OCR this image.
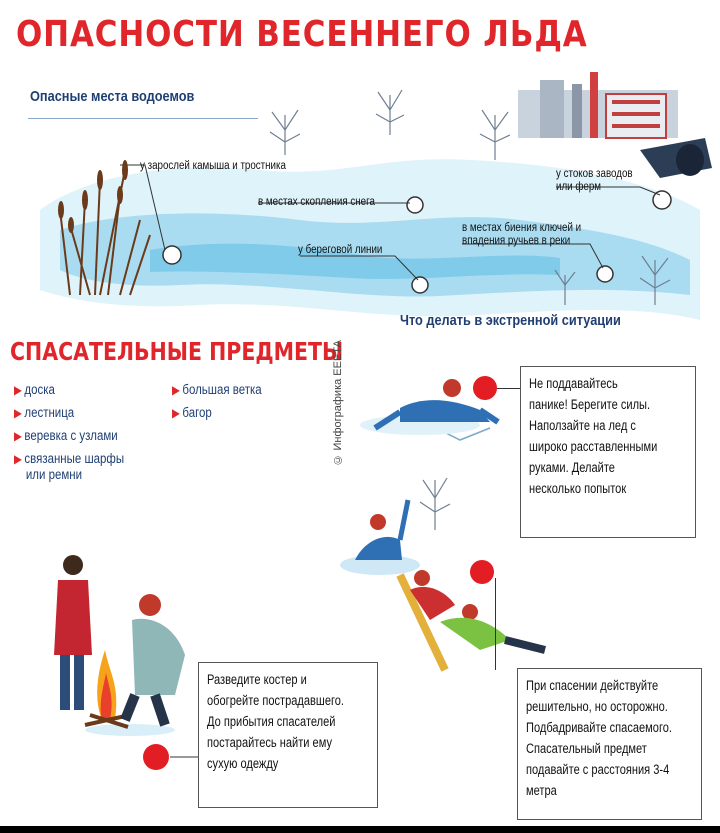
ОПАСНОСТИ ВЕСЕННЕГО ЛЬДА
Опасные места водоемов
у зарослей камыша и тростника
в местах скопления снега
у береговой линии
в местах биения ключей и впадения ручьев в реки
у стоков заводов или ферм
СПАСАТЕЛЬНЫЕ ПРЕДМЕТЫ
▶ доска
▶ лестница
▶ веревка с узлами
▶ связанные шарфы
или ремни
▶ большая ветка
▶ багор	© Инфографика ЕЕЕТА
Что делать в экстренной ситуации
Не поддавайтесь
панике! Берегите силы.
Наползайте на лед с
широко расставленными
руками. Делайте
несколько попыток
При спасении действуйте
решительно, но осторожно.
Подбадривайте спасаемого.
Спасательный предмет
подавайте с расстояния 3-4
метра
Разведите костер и
обогрейте пострадавшего.
До прибытия спасателей
постарайтесь найти ему
сухую одежду
